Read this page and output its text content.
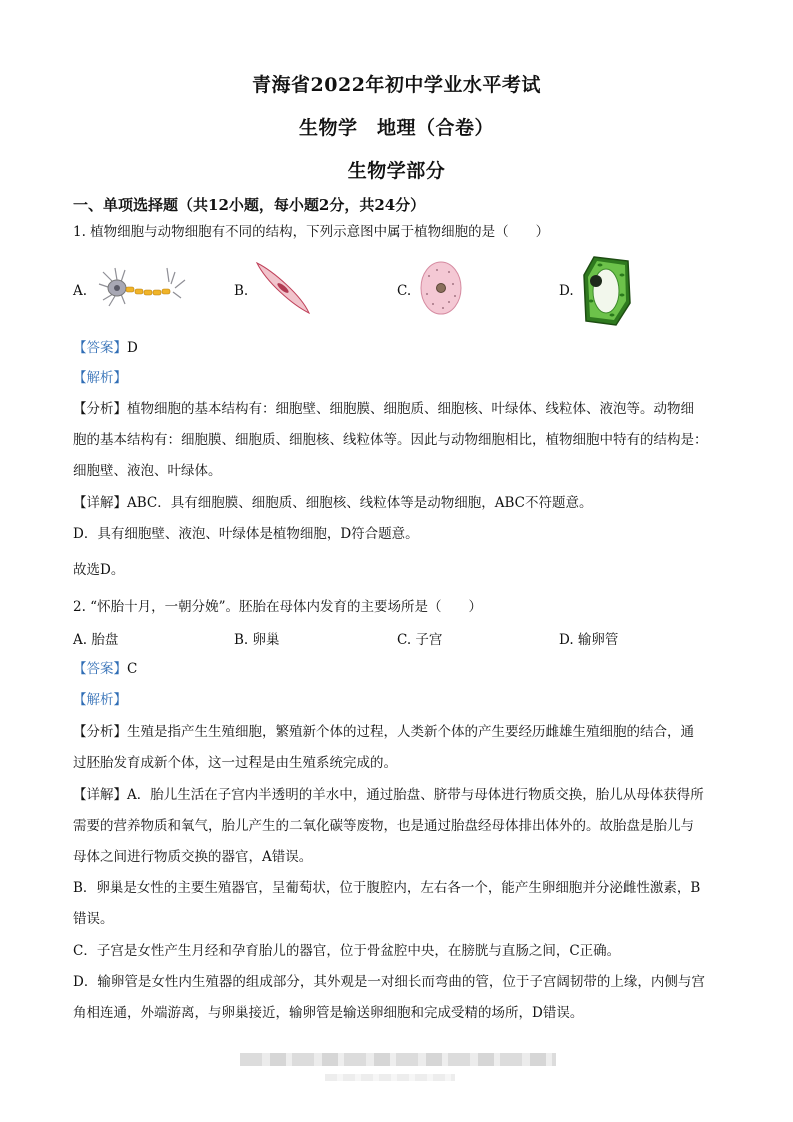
青海省2022年初中学业水平考试
生物学　地理（合卷）
生物学部分
一、单项选择题（共12小题，每小题2分，共24分）
1. 植物细胞与动物细胞有不同的结构，下列示意图中属于植物细胞的是（　　）
A.	B.	C.	D.
【答案】D
【解析】
【分析】植物细胞的基本结构有：细胞壁、细胞膜、细胞质、细胞核、叶绿体、线粒体、液泡等。动物细
胞的基本结构有：细胞膜、细胞质、细胞核、线粒体等。因此与动物细胞相比，植物细胞中特有的结构是：
细胞壁、液泡、叶绿体。
【详解】ABC．具有细胞膜、细胞质、细胞核、线粒体等是动物细胞，ABC不符题意。
D．具有细胞壁、液泡、叶绿体是植物细胞，D符合题意。
故选D。
2. “怀胎十月，一朝分娩”。胚胎在母体内发育的主要场所是（　　）
A. 胎盘	B. 卵巢	C. 子宫	D. 输卵管
【答案】C
【解析】
【分析】生殖是指产生生殖细胞，繁殖新个体的过程，人类新个体的产生要经历雌雄生殖细胞的结合，通
过胚胎发育成新个体，这一过程是由生殖系统完成的。
【详解】A．胎儿生活在子宫内半透明的羊水中，通过胎盘、脐带与母体进行物质交换，胎儿从母体获得所
需要的营养物质和氧气，胎儿产生的二氧化碳等废物，也是通过胎盘经母体排出体外的。故胎盘是胎儿与
母体之间进行物质交换的器官，A错误。
B．卵巢是女性的主要生殖器官，呈葡萄状，位于腹腔内，左右各一个，能产生卵细胞并分泌雌性激素，B
错误。
C．子宫是女性产生月经和孕育胎儿的器官，位于骨盆腔中央，在膀胱与直肠之间，C正确。
D．输卵管是女性内生殖器的组成部分，其外观是一对细长而弯曲的管，位于子宫阔韧带的上缘，内侧与宫
角相连通，外端游离，与卵巢接近，输卵管是输送卵细胞和完成受精的场所，D错误。
